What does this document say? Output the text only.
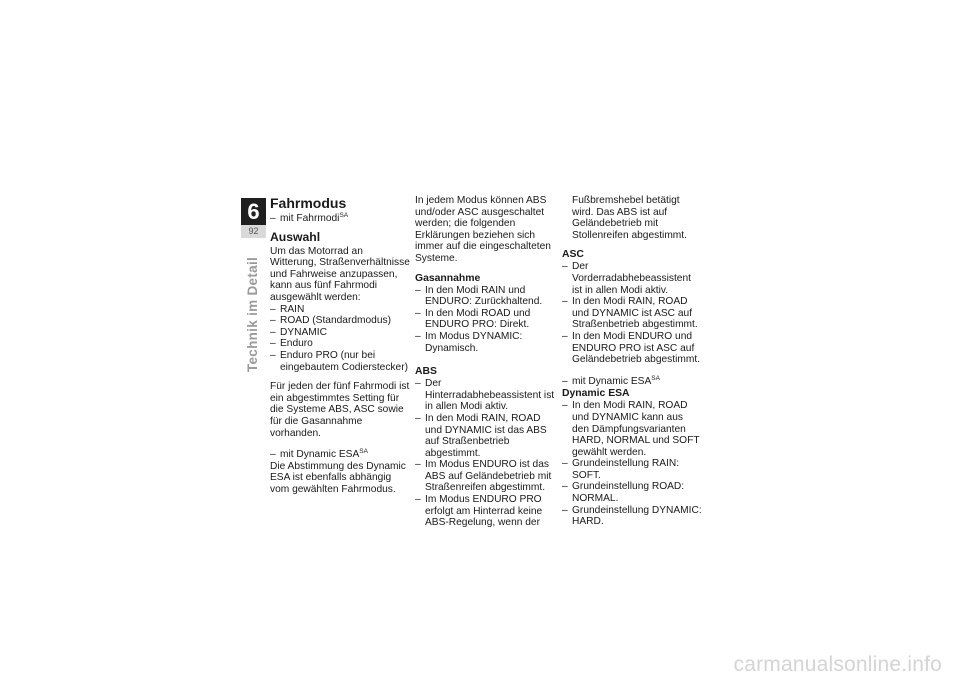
6
92
Technik im Detail
Fahrmodus
– mit Fahrmodi$^{SA}$
Auswahl

Um das Motorrad an Witterung, Straßenverhältnisse und Fahrweise anzupassen, kann aus fünf Fahrmodi ausgewählt werden:

– RAIN
– ROAD (Standardmodus)
– DYNAMIC
– Enduro
– Enduro PRO (nur bei eingebautem Codierstecker)

Für jeden der fünf Fahrmodi ist ein abgestimmtes Setting für die Systeme ABS, ASC sowie für die Gasannahme vorhanden.

– mit Dynamic $ESA^{SA}$

Die Abstimmung des Dynamic ESA ist ebenfalls abhängig vom gewählten Fahrmodus.

In jedem Modus können ABS und/oder ASC ausgeschaltet werden; die folgenden Erklärungen beziehen sich immer auf die eingeschalteten Systeme.

Gasannahme
– In den Modi RAIN und ENDURO: Zurückhaltend.
– In den Modi ROAD und ENDURO PRO: Direkt.
– Im Modus DYNAMIC: Dynamisch.
ABS
– Der Hinterradabhebeassistent ist in allen Modi aktiv.
– In den Modi RAIN, ROAD und DYNAMIC ist das ABS auf Straßenbetrieb abgestimmt.
– Im Modus ENDURO ist das ABS auf Geländebetrieb mit Straßenreifen abgestimmt.
– Im Modus ENDURO PRO erfolgt am Hinterrad keine ABS-Regelung, wenn der

Fußbremshebel betätigt wird. Das ABS ist auf Geländebetrieb mit Stollenreifen abgestimmt.

ASC
– Der Vorderradabhebeassistent ist in allen Modi aktiv.
– In den Modi RAIN, ROAD und DYNAMIC ist ASC auf Straßenbetrieb abgestimmt.
– In den Modi ENDURO und ENDURO PRO ist ASC auf Geländebetrieb abgestimmt.
– mit Dynamic $ESA^{SA}$
Dynamic ESA
– In den Modi RAIN, ROAD und DYNAMIC kann aus den Dämpfungsvarianten HARD, NORMAL und SOFT gewählt werden.
– Grundeinstellung RAIN: SOFT.
– Grundeinstellung ROAD: NORMAL.
– Grundeinstellung DYNAMIC: HARD.
carmanualsonline.info
